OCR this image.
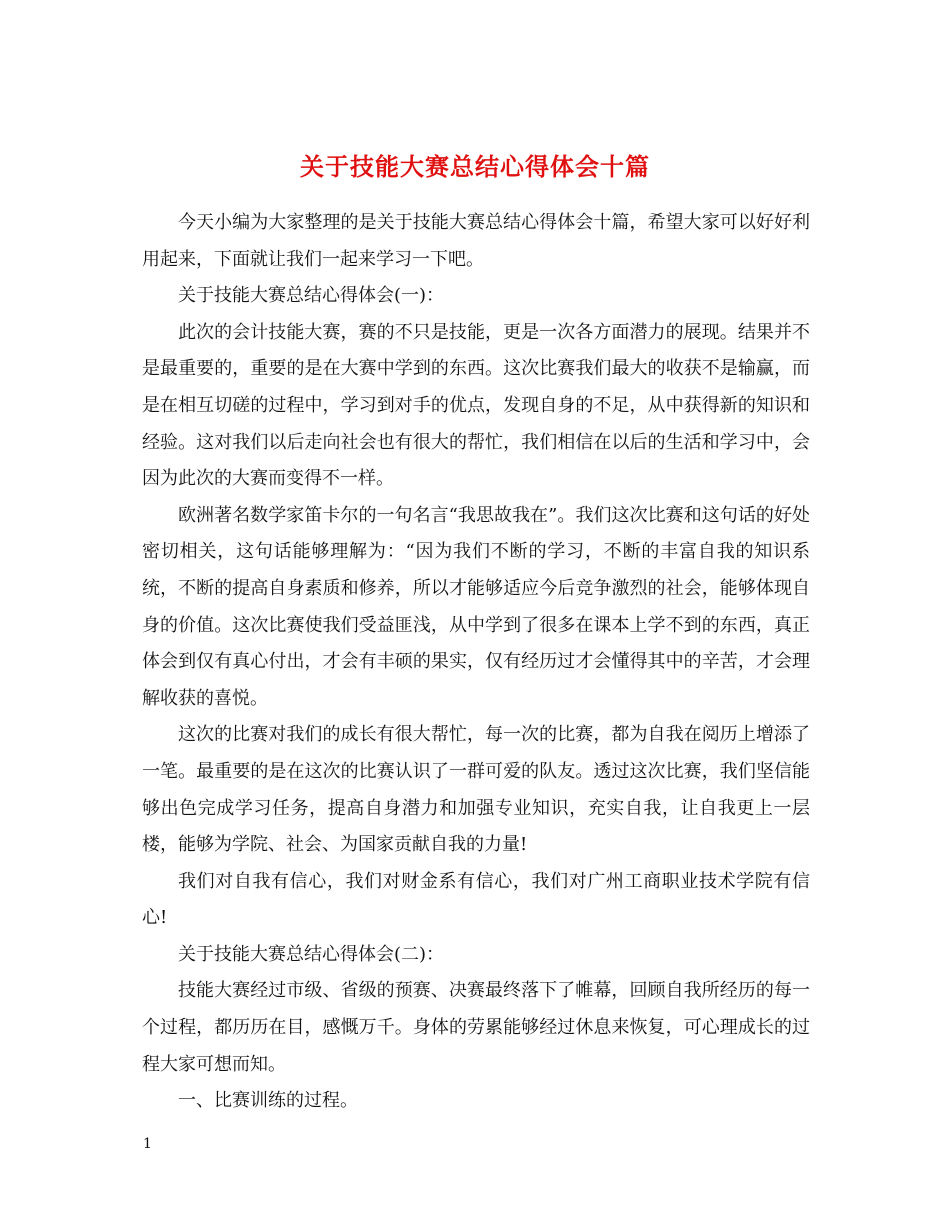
关于技能大赛总结心得体会十篇

今天小编为大家整理的是关于技能大赛总结心得体会十篇，希望大家可以好好利用起来，下面就让我们一起来学习一下吧。

关于技能大赛总结心得体会(一)：

此次的会计技能大赛，赛的不只是技能，更是一次各方面潜力的展现。结果并不是最重要的，重要的是在大赛中学到的东西。这次比赛我们最大的收获不是输赢，而是在相互切磋的过程中，学习到对手的优点，发现自身的不足，从中获得新的知识和经验。这对我们以后走向社会也有很大的帮忙，我们相信在以后的生活和学习中，会因为此次的大赛而变得不一样。

欧洲著名数学家笛卡尔的一句名言“我思故我在”。我们这次比赛和这句话的好处密切相关，这句话能够理解为：“因为我们不断的学习，不断的丰富自我的知识系统，不断的提高自身素质和修养，所以才能够适应今后竞争激烈的社会，能够体现自身的价值。这次比赛使我们受益匪浅，从中学到了很多在课本上学不到的东西，真正体会到仅有真心付出，才会有丰硕的果实，仅有经历过才会懂得其中的辛苦，才会理解收获的喜悦。

这次的比赛对我们的成长有很大帮忙，每一次的比赛，都为自我在阅历上增添了一笔。最重要的是在这次的比赛认识了一群可爱的队友。透过这次比赛，我们坚信能够出色完成学习任务，提高自身潜力和加强专业知识，充实自我，让自我更上一层楼，能够为学院、社会、为国家贡献自我的力量!

我们对自我有信心，我们对财金系有信心，我们对广州工商职业技术学院有信心!

关于技能大赛总结心得体会(二)：

技能大赛经过市级、省级的预赛、决赛最终落下了帷幕，回顾自我所经历的每一个过程，都历历在目，感慨万千。身体的劳累能够经过休息来恢复，可心理成长的过程大家可想而知。

一、比赛训练的过程。

1
